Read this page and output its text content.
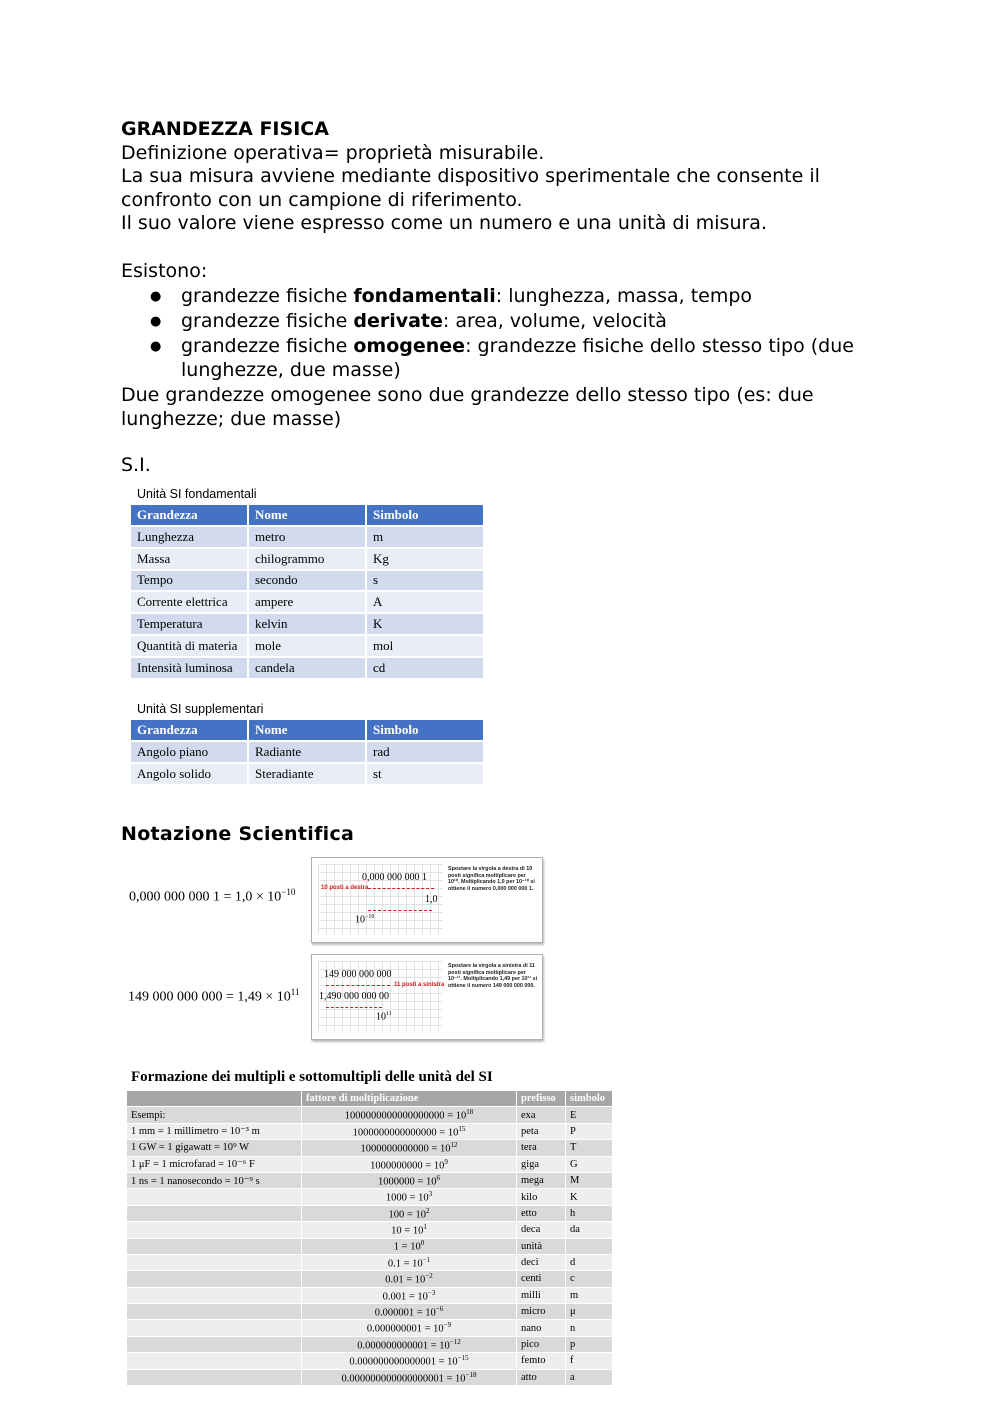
GRANDEZZA FISICA

Definizione operativa= proprietà misurabile.

La sua misura avviene mediante dispositivo sperimentale che consente il confronto con un campione di riferimento.

Il suo valore viene espresso come un numero e una unità di misura.

Esistono:

● grandezze fisiche fondamentali: lunghezza, massa, tempo
● grandezze fisiche derivate: area, volume, velocità
● grandezze fisiche omogenee: grandezze fisiche dello stesso tipo (due lunghezze, due masse)

Due grandezze omogenee sono due grandezze dello stesso tipo (es: due lunghezze; due masse)

S.I.
Unità SI fondamentali
Grandezza	Nome	Simbolo
Lunghezza	metro	m
Massa	chilogrammo	Kg
Tempo	secondo	s
Corrente elettrica	ampere	A
Temperatura	kelvin	K
Quantità di materia	mole	mol
Intensità luminosa	candela	cd
Unità SI supplementari
Grandezza	Nome	Simbolo
Angolo piano	Radiante	rad
Angolo solido	Steradiante	st
Notazione Scientifica
0,000 000 000 $1 = 1,0 \times 10^{-10}$
0,000 000 000 1
10 posti a destra
1,0
$10^{-10}$
Spostare la virgola a destra di 10 posti significa moltiplicare per 10¹⁰. Moltiplicando 1,0 per 10⁻¹⁰ si ottiene il numero 0,000 000 000 1.
149 000 000 $000 = 1,49 \times 10^{11}$
149 000 000 000
11 posti a sinistra
1,490 000 000 00
$10^{11}$
Spostare la virgola a sinistra di 11 posti significa moltiplicare per 10⁻¹¹. Moltiplicando 1,49 per 10¹¹ si ottiene il numero 149 000 000 000.
Formazione dei multipli e sottomultipli delle unità del SI
	fattore di moltiplicazione	prefisso	simbolo
Esempi:	$1000000000000000000 = 10^{18}$	exa	E
1 mm = 1 millimetro = 10⁻³ m	$1000000000000000 = 10^{15}$	peta	P
1 GW = 1 gigawatt = 10⁹ W	$1000000000000 = 10^{12}$	tera	T
1 μF = 1 microfarad = 10⁻⁶ F	$1000000000 = 10^9$	giga	G
1 ns = 1 nanosecondo = 10⁻⁹ s	$1000000 = 10^6$	mega	M
	$1000 = 10^3$	kilo	K
	$100 = 10^2$	etto	h
	$10 = 10^1$	deca	da
	$1 = 10^0$	unità	
	$0.1 = 10^{-1}$	deci	d
	$0.01 = 10^{-2}$	centi	c
	$0.001 = 10^{-3}$	milli	m
	$0.000001 = 10^{-6}$	micro	μ
	$0.000000001 = 10^{-9}$	nano	n
	$0.000000000001 = 10^{-12}$	pico	p
	$0.000000000000001 = 10^{-15}$	femto	f
	$0.000000000000000001 = 10^{-18}$	atto	a
